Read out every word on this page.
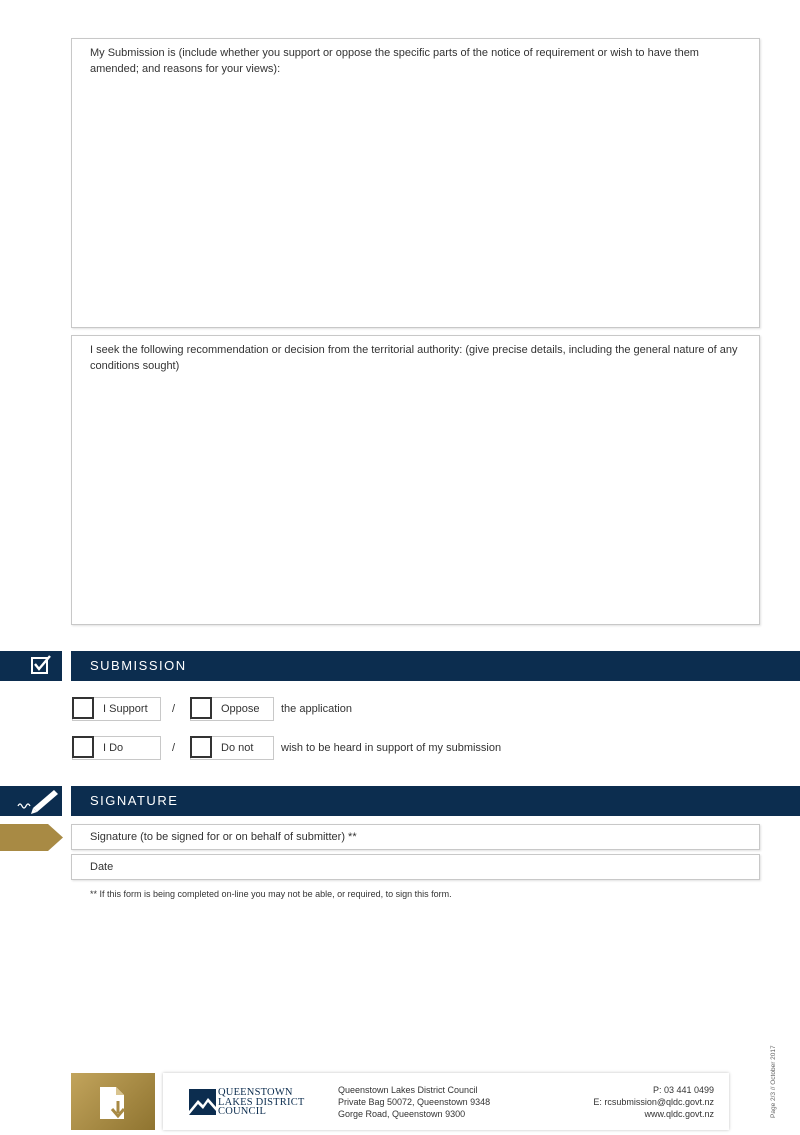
My Submission is (include whether you support or oppose the specific parts of the notice of requirement or wish to have them amended; and reasons for your views):
I seek the following recommendation or decision from the territorial authority: (give precise details, including the general nature of any conditions sought)
SUBMISSION
I Support /	Oppose the application
I Do	/	Do not	wish to be heard in support of my submission
SIGNATURE
Signature (to be signed for or on behalf of submitter) **
Date
** If this form is being completed on-line you may not be able, or required, to sign this form.
Page 2/3 // October 2017
QUEENSTOWN
LAKES DISTRICT
COUNCIL
Queenstown Lakes District Council
Private Bag 50072, Queenstown 9348
Gorge Road, Queenstown 9300
P: 03 441 0499
E: rcsubmission@qldc.govt.nz
www.qldc.govt.nz
